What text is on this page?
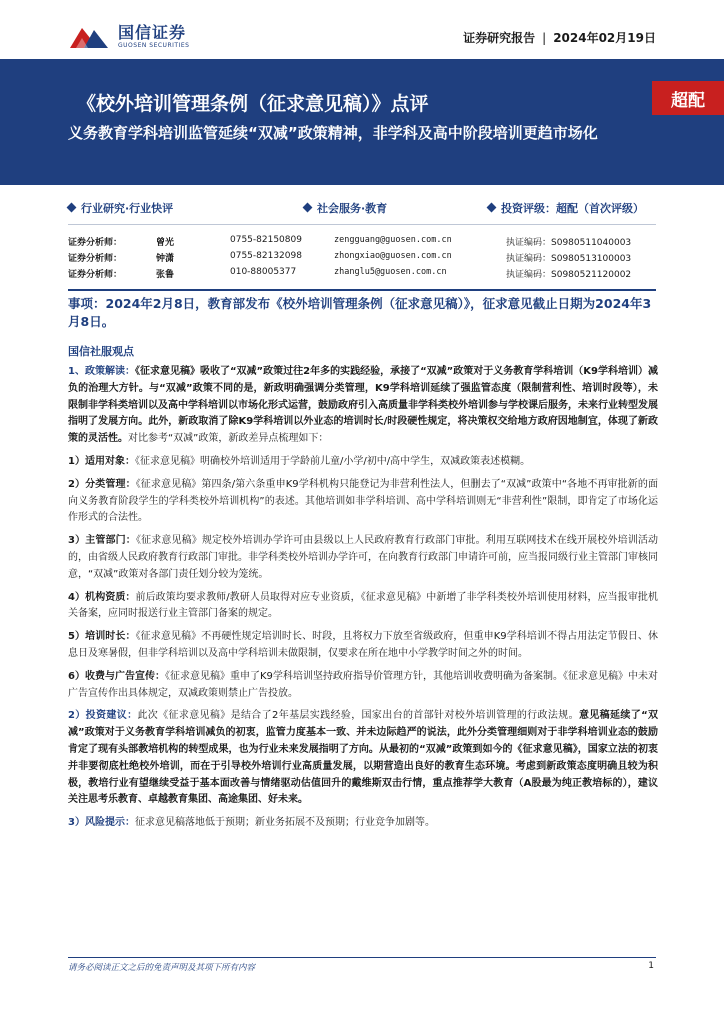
国信证券
GUOSEN SECURITIES
证券研究报告 | 2024年02月19日
超配
《校外培训管理条例（征求意见稿）》点评
义务教育学科培训监管延续“双减”政策精神，非学科及高中阶段培训更趋市场化
行业研究·行业快评	社会服务·教育	投资评级：超配（首次评级）
证券分析师：	曾光	0755-82150809	zengguang@guosen.com.cn	执证编码：S0980511040003
证券分析师：	钟潇	0755-82132098	zhongxiao@guosen.com.cn	执证编码：S0980513100003
证券分析师：	张鲁	010-88005377	zhanglu5@guosen.com.cn	执证编码：S0980521120002
事项：2024年2月8日，教育部发布《校外培训管理条例（征求意见稿）》，征求意见截止日期为2024年3月8日。
国信社服观点

1、政策解读：《征求意见稿》吸收了“双减”政策过往2年多的实践经验，承接了“双减”政策对于义务教育学科培训（K9学科培训）减负的治理大方针。与“双减”政策不同的是，新政明确强调分类管理，K9学科培训延续了强监管态度（限制营利性、培训时段等），未限制非学科类培训以及高中学科培训以市场化形式运营，鼓励政府引入高质量非学科类校外培训参与学校课后服务，未来行业转型发展指明了发展方向。此外，新政取消了除K9学科培训以外业态的培训时长/时段硬性规定，将决策权交给地方政府因地制宜，体现了新政策的灵活性。对比参考“双减”政策，新政差异点梳理如下：

1）适用对象：《征求意见稿》明确校外培训适用于学龄前儿童/小学/初中/高中学生，双减政策表述模糊。

2）分类管理：《征求意见稿》第四条/第六条重申K9学科机构只能登记为非营利性法人，但删去了“双减”政策中“各地不再审批新的面向义务教育阶段学生的学科类校外培训机构”的表述。其他培训如非学科培训、高中学科培训则无“非营利性”限制，即肯定了市场化运作形式的合法性。

3）主管部门：《征求意见稿》规定校外培训办学许可由县级以上人民政府教育行政部门审批。利用互联网技术在线开展校外培训活动的，由省级人民政府教育行政部门审批。非学科类校外培训办学许可，在向教育行政部门申请许可前，应当报同级行业主管部门审核同意，“双减”政策对各部门责任划分较为笼统。

4）机构资质：前后政策均要求教师/教研人员取得对应专业资质，《征求意见稿》中新增了非学科类校外培训使用材料，应当报审批机关备案，应同时报送行业主管部门备案的规定。

5）培训时长：《征求意见稿》不再硬性规定培训时长、时段，且将权力下放至省级政府，但重申K9学科培训不得占用法定节假日、休息日及寒暑假，但非学科培训以及高中学科培训未做限制，仅要求在所在地中小学教学时间之外的时间。

6）收费与广告宣传：《征求意见稿》重申了K9学科培训坚持政府指导价管理方针，其他培训收费明确为备案制。《征求意见稿》中未对广告宣传作出具体规定，双减政策则禁止广告投放。

2）投资建议：此次《征求意见稿》是结合了2年基层实践经验，国家出台的首部针对校外培训管理的行政法规。意见稿延续了“双减”政策对于义务教育学科培训减负的初衷，监管力度基本一致、并未边际趋严的说法，此外分类管理细则对于非学科培训业态的鼓励肯定了现有头部教培机构的转型成果，也为行业未来发展指明了方向。从最初的“双减”政策到如今的《征求意见稿》，国家立法的初衷并非要彻底杜绝校外培训，而在于引导校外培训行业高质量发展，以期营造出良好的教育生态环境。考虑到新政策态度明确且较为积极，教培行业有望继续受益于基本面改善与情绪驱动估值回升的戴维斯双击行情，重点推荐学大教育（A股最为纯正教培标的），建议关注思考乐教育、卓越教育集团、高途集团、好未来。

3）风险提示：征求意见稿落地低于预期；新业务拓展不及预期；行业竞争加剧等。

请务必阅读正文之后的免责声明及其项下所有内容	1
